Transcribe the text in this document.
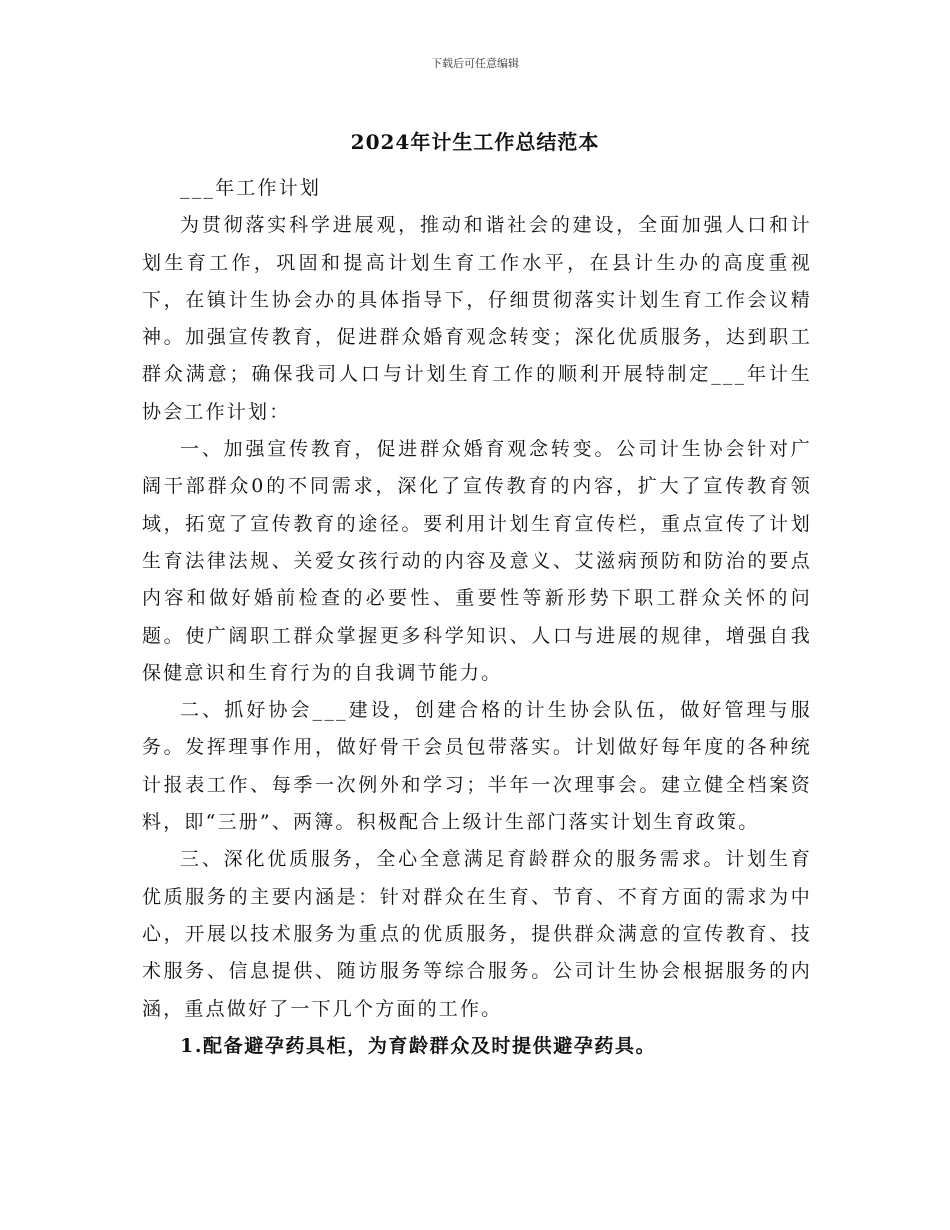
下载后可任意编辑
2024年计生工作总结范本

___年工作计划

为贯彻落实科学进展观，推动和谐社会的建设，全面加强人口和计划生育工作，巩固和提高计划生育工作水平，在县计生办的高度重视下，在镇计生协会办的具体指导下，仔细贯彻落实计划生育工作会议精神。加强宣传教育，促进群众婚育观念转变；深化优质服务，达到职工群众满意；确保我司人口与计划生育工作的顺利开展特制定___年计生协会工作计划：

一、加强宣传教育，促进群众婚育观念转变。公司计生协会针对广阔干部群众0的不同需求，深化了宣传教育的内容，扩大了宣传教育领域，拓宽了宣传教育的途径。要利用计划生育宣传栏，重点宣传了计划生育法律法规、关爱女孩行动的内容及意义、艾滋病预防和防治的要点内容和做好婚前检查的必要性、重要性等新形势下职工群众关怀的问题。使广阔职工群众掌握更多科学知识、人口与进展的规律，增强自我保健意识和生育行为的自我调节能力。

二、抓好协会___建设，创建合格的计生协会队伍，做好管理与服务。发挥理事作用，做好骨干会员包带落实。计划做好每年度的各种统计报表工作、每季一次例外和学习；半年一次理事会。建立健全档案资料，即“三册”、两簿。积极配合上级计生部门落实计划生育政策。

三、深化优质服务，全心全意满足育龄群众的服务需求。计划生育优质服务的主要内涵是：针对群众在生育、节育、不育方面的需求为中心，开展以技术服务为重点的优质服务，提供群众满意的宣传教育、技术服务、信息提供、随访服务等综合服务。公司计生协会根据服务的内涵，重点做好了一下几个方面的工作。

1.配备避孕药具柜，为育龄群众及时提供避孕药具。
